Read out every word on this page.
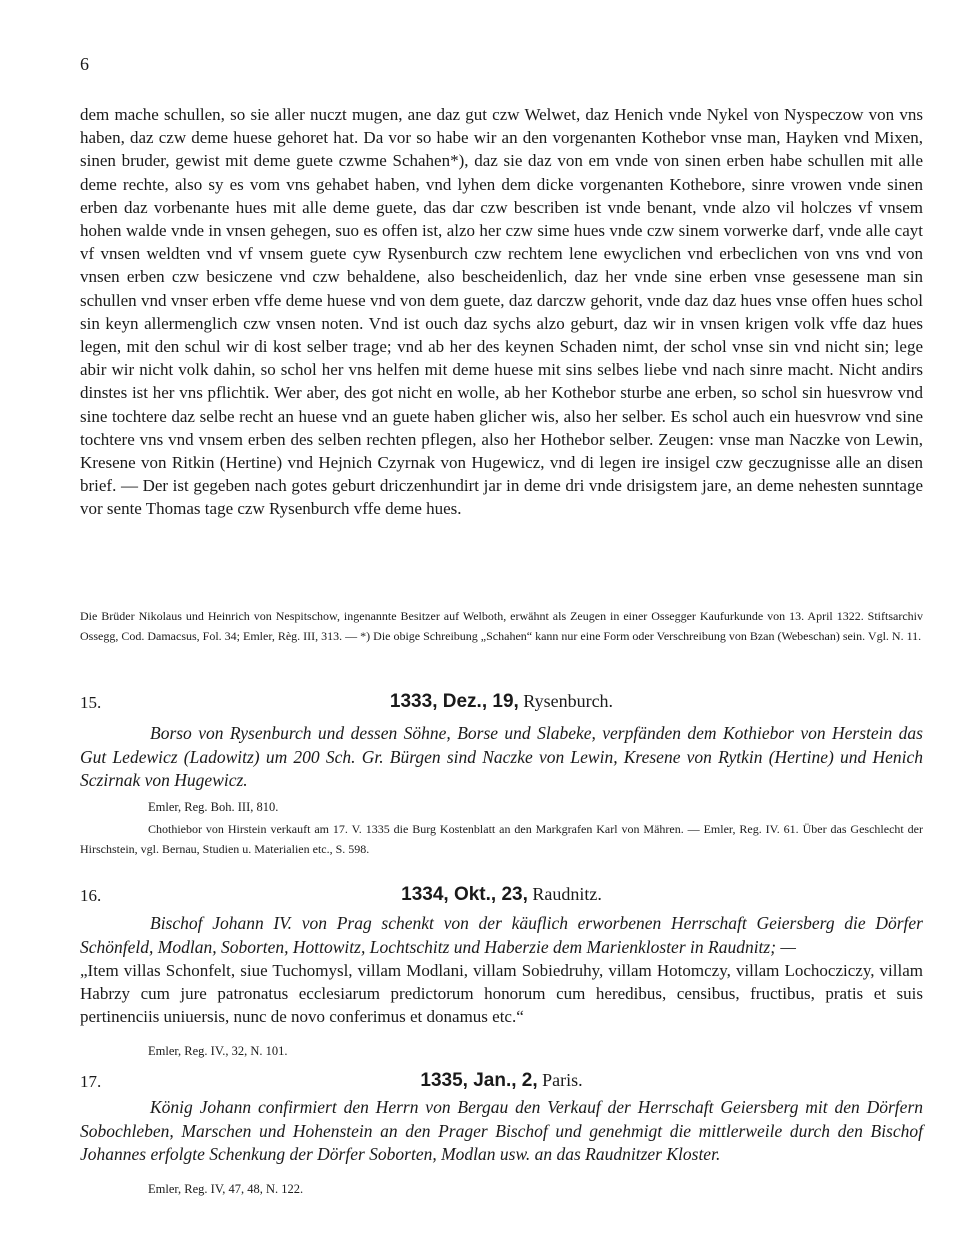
6
dem mache schullen, so sie aller nuczt mugen, ane daz gut czw Welwet, daz Henich vnde Nykel von Nyspeczow von vns haben, daz czw deme huese gehoret hat. Da vor so habe wir an den vorgenanten Kothebor vnse man, Hayken vnd Mixen, sinen bruder, gewist mit deme guete czwme Schahen*), daz sie daz von em vnde von sinen erben habe schullen mit alle deme rechte, also sy es vom vns gehabet haben, vnd lyhen dem dicke vorgenanten Kothebore, sinre vrowen vnde sinen erben daz vorbenante hues mit alle deme guete, das dar czw bescriben ist vnde benant, vnde alzo vil holczes vf vnsem hohen walde vnde in vnsen gehegen, suo es offen ist, alzo her czw sime hues vnde czw sinem vorwerke darf, vnde alle cayt vf vnsen weldten vnd vf vnsem guete cyw Rysenburch czw rechtem lene ewyclichen vnd erbeclichen von vns vnd von vnsen erben czw besiczene vnd czw behaldene, also bescheidenlich, daz her vnde sine erben vnse gesessene man sin schullen vnd vnser erben vffe deme huese vnd von dem guete, daz darczw gehorit, vnde daz daz hues vnse offen hues schol sin keyn allermenglich czw vnsen noten. Vnd ist ouch daz sychs alzo geburt, daz wir in vnsen krigen volk vffe daz hues legen, mit den schul wir di kost selber trage; vnd ab her des keynen Schaden nimt, der schol vnse sin vnd nicht sin; lege abir wir nicht volk dahin, so schol her vns helfen mit deme huese mit sins selbes liebe vnd nach sinre macht. Nicht andirs dinstes ist her vns pflichtik. Wer aber, des got nicht en wolle, ab her Kothebor sturbe ane erben, so schol sin huesvrow vnd sine tochtere daz selbe recht an huese vnd an guete haben glicher wis, also her selber. Es schol auch ein huesvrow vnd sine tochtere vns vnd vnsem erben des selben rechten pflegen, also her Hothebor selber. Zeugen: vnse man Naczke von Lewin, Kresene von Ritkin (Hertine) vnd Hejnich Czyrnak von Hugewicz, vnd di legen ire insigel czw geczugnisse alle an disen brief. — Der ist gegeben nach gotes geburt driczenhundirt jar in deme dri vnde drisigstem jare, an deme nehesten sunntage vor sente Thomas tage czw Rysenburch vffe deme hues.
Die Brüder Nikolaus und Heinrich von Nespitschow, ingenannte Besitzer auf Welboth, erwähnt als Zeugen in einer Ossegger Kaufurkunde von 13. April 1322. Stiftsarchiv Ossegg, Cod. Damacsus, Fol. 34; Emler, Règ. III, 313. — *) Die obige Schreibung „Schahen“ kann nur eine Form oder Verschreibung von Bzan (Webeschan) sein. Vgl. N. 11.
15.	1333, Dez., 19, Rysenburch.
Borso von Rysenburch und dessen Söhne, Borse und Slabeke, verpfänden dem Kothiebor von Herstein das Gut Ledewicz (Ladowitz) um 200 Sch. Gr. Bürgen sind Naczke von Lewin, Kresene von Rytkin (Hertine) und Henich Sczirnak von Hugewicz.
Emler, Reg. Boh. III, 810.
Chothiebor von Hirstein verkauft am 17. V. 1335 die Burg Kostenblatt an den Markgrafen Karl von Mähren. — Emler, Reg. IV. 61. Über das Geschlecht der Hirschstein, vgl. Bernau, Studien u. Materialien etc., S. 598.
16.	1334, Okt., 23, Raudnitz.
Bischof Johann IV. von Prag schenkt von der käuflich erworbenen Herrschaft Geiersberg die Dörfer Schönfeld, Modlan, Soborten, Hottowitz, Lochtschitz und Haberzie dem Marienkloster in Raudnitz; —
„Item villas Schonfelt, siue Tuchomysl, villam Modlani, villam Sobiedruhy, villam Hotomczy, villam Lochocziczy, villam Habrzy cum jure patronatus ecclesiarum predictorum honorum cum heredibus, censibus, fructibus, pratis et suis pertinenciis uniuersis, nunc de novo conferimus et donamus etc.“
Emler, Reg. IV., 32, N. 101.
17.	1335, Jan., 2, Paris.
König Johann confirmiert den Herrn von Bergau den Verkauf der Herrschaft Geiersberg mit den Dörfern Sobochleben, Marschen und Hohenstein an den Prager Bischof und genehmigt die mittlerweile durch den Bischof Johannes erfolgte Schenkung der Dörfer Soborten, Modlan usw. an das Raudnitzer Kloster.
Emler, Reg. IV, 47, 48, N. 122.
